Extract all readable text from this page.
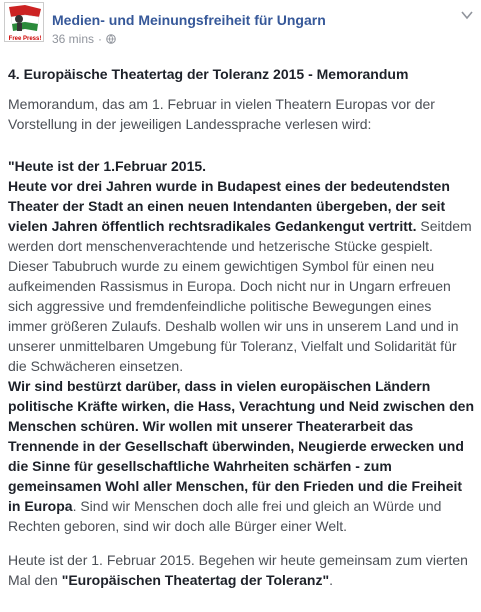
Free Press!
Medien- und Meinungsfreiheit für Ungarn
36 mins ·
4. Europäische Theatertag der Toleranz 2015 - Memorandum
Memorandum, das am 1. Februar in vielen Theatern Europas vor der Vorstellung in der jeweiligen Landessprache verlesen wird:
"Heute ist der 1.Februar 2015.
Heute vor drei Jahren wurde in Budapest eines der bedeutendsten Theater der Stadt an einen neuen Intendanten übergeben, der seit vielen Jahren öffentlich rechtsradikales Gedankengut vertritt. Seitdem werden dort menschenverachtende und hetzerische Stücke gespielt. Dieser Tabubruch wurde zu einem gewichtigen Symbol für einen neu aufkeimenden Rassismus in Europa. Doch nicht nur in Ungarn erfreuen sich aggressive und fremdenfeindliche politische Bewegungen eines immer größeren Zulaufs. Deshalb wollen wir uns in unserem Land und in unserer unmittelbaren Umgebung für Toleranz, Vielfalt und Solidarität für die Schwächeren einsetzen.
Wir sind bestürzt darüber, dass in vielen europäischen Ländern politische Kräfte wirken, die Hass, Verachtung und Neid zwischen den Menschen schüren. Wir wollen mit unserer Theaterarbeit das Trennende in der Gesellschaft überwinden, Neugierde erwecken und die Sinne für gesellschaftliche Wahrheiten schärfen - zum gemeinsamen Wohl aller Menschen, für den Frieden und die Freiheit in Europa. Sind wir Menschen doch alle frei und gleich an Würde und Rechten geboren, sind wir doch alle Bürger einer Welt.
Heute ist der 1. Februar 2015. Begehen wir heute gemeinsam zum vierten Mal den "Europäischen Theatertag der Toleranz".
